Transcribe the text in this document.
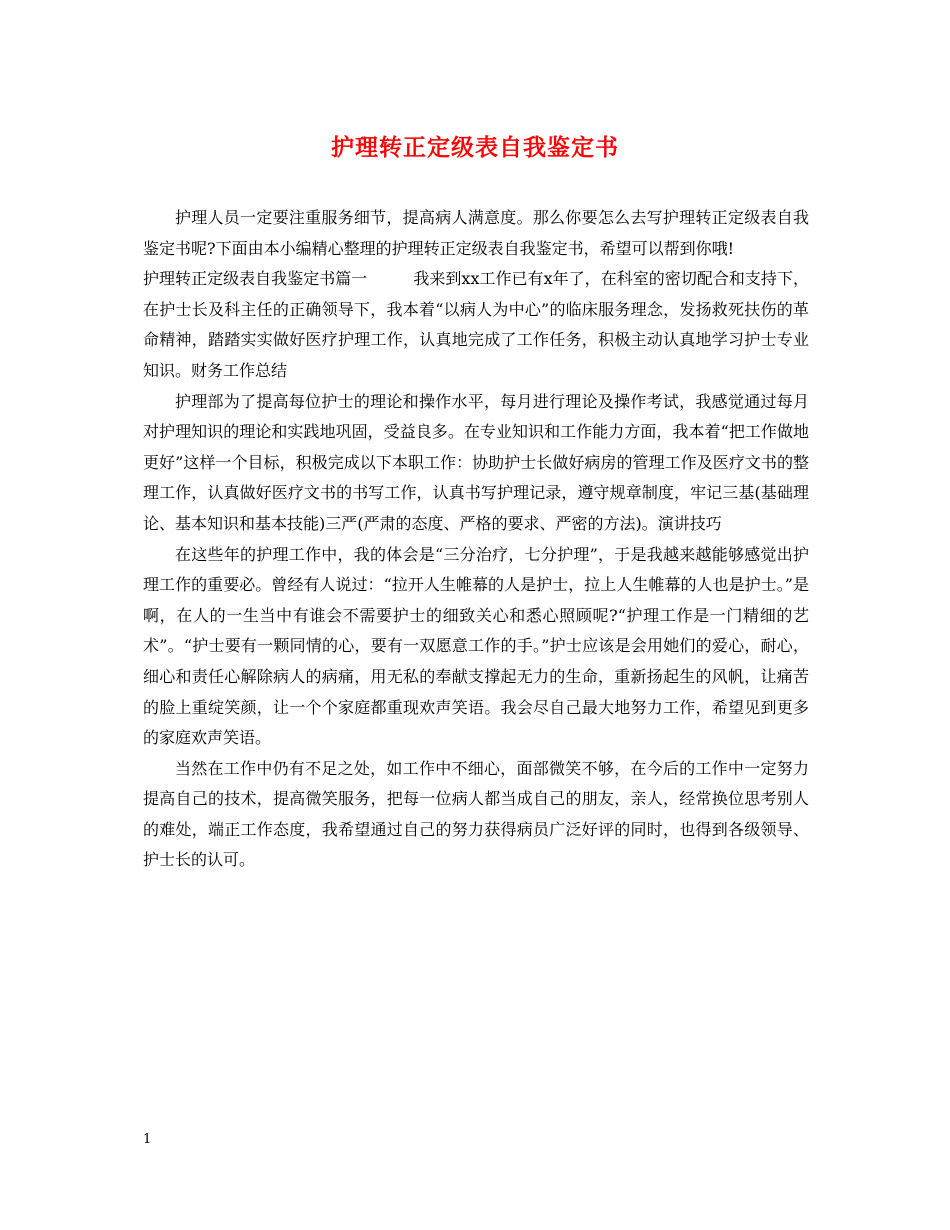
护理转正定级表自我鉴定书

护理人员一定要注重服务细节，提高病人满意度。那么你要怎么去写护理转正定级表自我鉴定书呢?下面由本小编精心整理的护理转正定级表自我鉴定书，希望可以帮到你哦!

护理转正定级表自我鉴定书篇一	我来到xx工作已有x年了，在科室的密切配合和支持下，在护士长及科主任的正确领导下，我本着“以病人为中心”的临床服务理念，发扬救死扶伤的革命精神，踏踏实实做好医疗护理工作，认真地完成了工作任务，积极主动认真地学习护士专业知识。财务工作总结

护理部为了提高每位护士的理论和操作水平，每月进行理论及操作考试，我感觉通过每月对护理知识的理论和实践地巩固，受益良多。在专业知识和工作能力方面，我本着“把工作做地更好”这样一个目标，积极完成以下本职工作：协助护士长做好病房的管理工作及医疗文书的整理工作，认真做好医疗文书的书写工作，认真书写护理记录，遵守规章制度，牢记三基(基础理论、基本知识和基本技能)三严(严肃的态度、严格的要求、严密的方法)。演讲技巧

在这些年的护理工作中，我的体会是“三分治疗，七分护理”，于是我越来越能够感觉出护理工作的重要必。曾经有人说过：“拉开人生帷幕的人是护士，拉上人生帷幕的人也是护士。”是啊，在人的一生当中有谁会不需要护士的细致关心和悉心照顾呢?“护理工作是一门精细的艺术”。“护士要有一颗同情的心，要有一双愿意工作的手。”护士应该是会用她们的爱心，耐心，细心和责任心解除病人的病痛，用无私的奉献支撑起无力的生命，重新扬起生的风帆，让痛苦的脸上重绽笑颜，让一个个家庭都重现欢声笑语。我会尽自己最大地努力工作，希望见到更多的家庭欢声笑语。

当然在工作中仍有不足之处，如工作中不细心，面部微笑不够，在今后的工作中一定努力提高自己的技术，提高微笑服务，把每一位病人都当成自己的朋友，亲人，经常换位思考别人的难处，端正工作态度，我希望通过自己的努力获得病员广泛好评的同时，也得到各级领导、护士长的认可。

1
